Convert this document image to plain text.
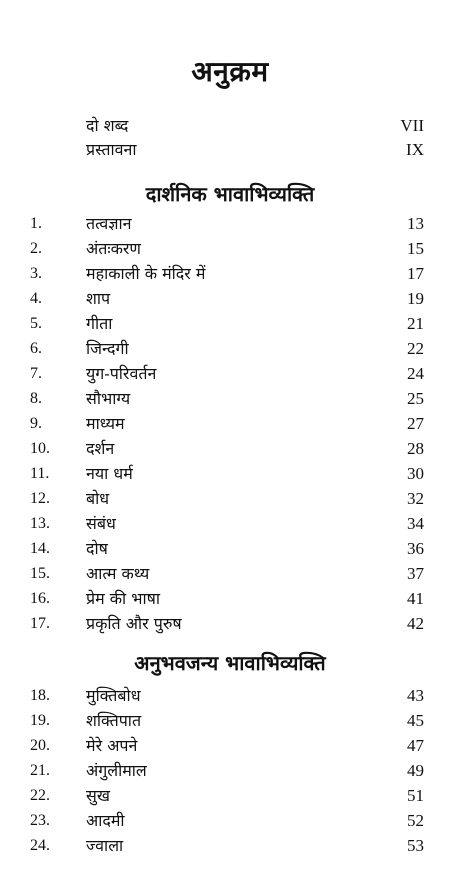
अनुक्रम
दो शब्द	VII
प्रस्तावना	IX
दार्शनिक भावाभिव्यक्ति
1.	तत्वज्ञान	13
2.	अंतःकरण	15
3.	महाकाली के मंदिर में	17
4.	शाप	19
5.	गीता	21
6.	जिन्दगी	22
7.	युग-परिवर्तन	24
8.	सौभाग्य	25
9.	माध्यम	27
10. दर्शन	28
11. नया धर्म	30
12. बोध	32
13. संबंध	34
14. दोष	36
15. आत्म कथ्य	37
16. प्रेम की भाषा	41
17. प्रकृति और पुरुष	42
अनुभवजन्य भावाभिव्यक्ति
18. मुक्तिबोध	43
19. शक्तिपात	45
20. मेरे अपने	47
21. अंगुलीमाल	49
22. सुख	51
23. आदमी	52
24. ज्वाला	53
